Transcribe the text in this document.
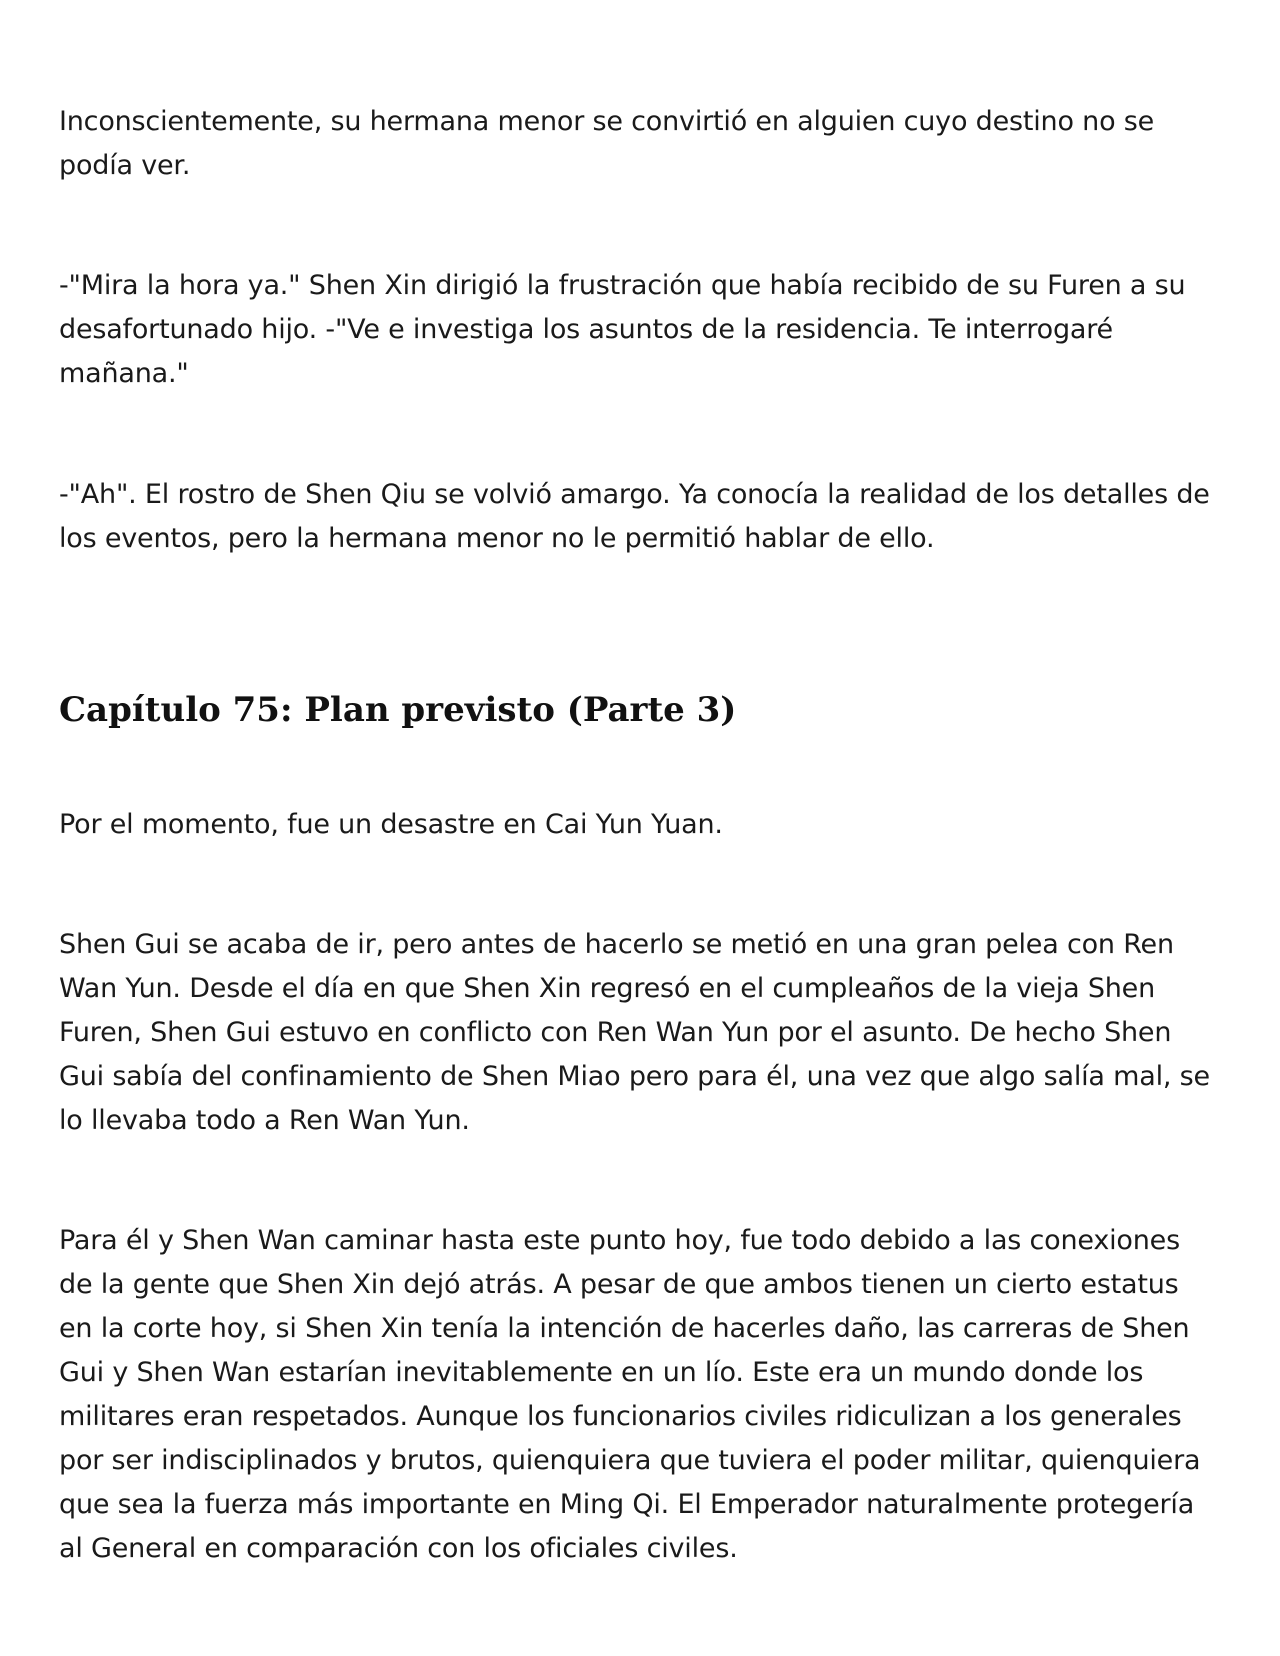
Inconscientemente, su hermana menor se convirtió en alguien cuyo destino no se podía ver.

-"Mira la hora ya." Shen Xin dirigió la frustración que había recibido de su Furen a su desafortunado hijo. -"Ve e investiga los asuntos de la residencia. Te interrogaré mañana."

-"Ah". El rostro de Shen Qiu se volvió amargo. Ya conocía la realidad de los detalles de los eventos, pero la hermana menor no le permitió hablar de ello.

Capítulo 75: Plan previsto (Parte 3)

Por el momento, fue un desastre en Cai Yun Yuan.

Shen Gui se acaba de ir, pero antes de hacerlo se metió en una gran pelea con Ren Wan Yun. Desde el día en que Shen Xin regresó en el cumpleaños de la vieja Shen Furen, Shen Gui estuvo en conflicto con Ren Wan Yun por el asunto. De hecho Shen Gui sabía del confinamiento de Shen Miao pero para él, una vez que algo salía mal, se lo llevaba todo a Ren Wan Yun.

Para él y Shen Wan caminar hasta este punto hoy, fue todo debido a las conexiones de la gente que Shen Xin dejó atrás. A pesar de que ambos tienen un cierto estatus en la corte hoy, si Shen Xin tenía la intención de hacerles daño, las carreras de Shen Gui y Shen Wan estarían inevitablemente en un lío. Este era un mundo donde los militares eran respetados. Aunque los funcionarios civiles ridiculizan a los generales por ser indisciplinados y brutos, quienquiera que tuviera el poder militar, quienquiera que sea la fuerza más importante en Ming Qi. El Emperador naturalmente protegería al General en comparación con los oficiales civiles.
